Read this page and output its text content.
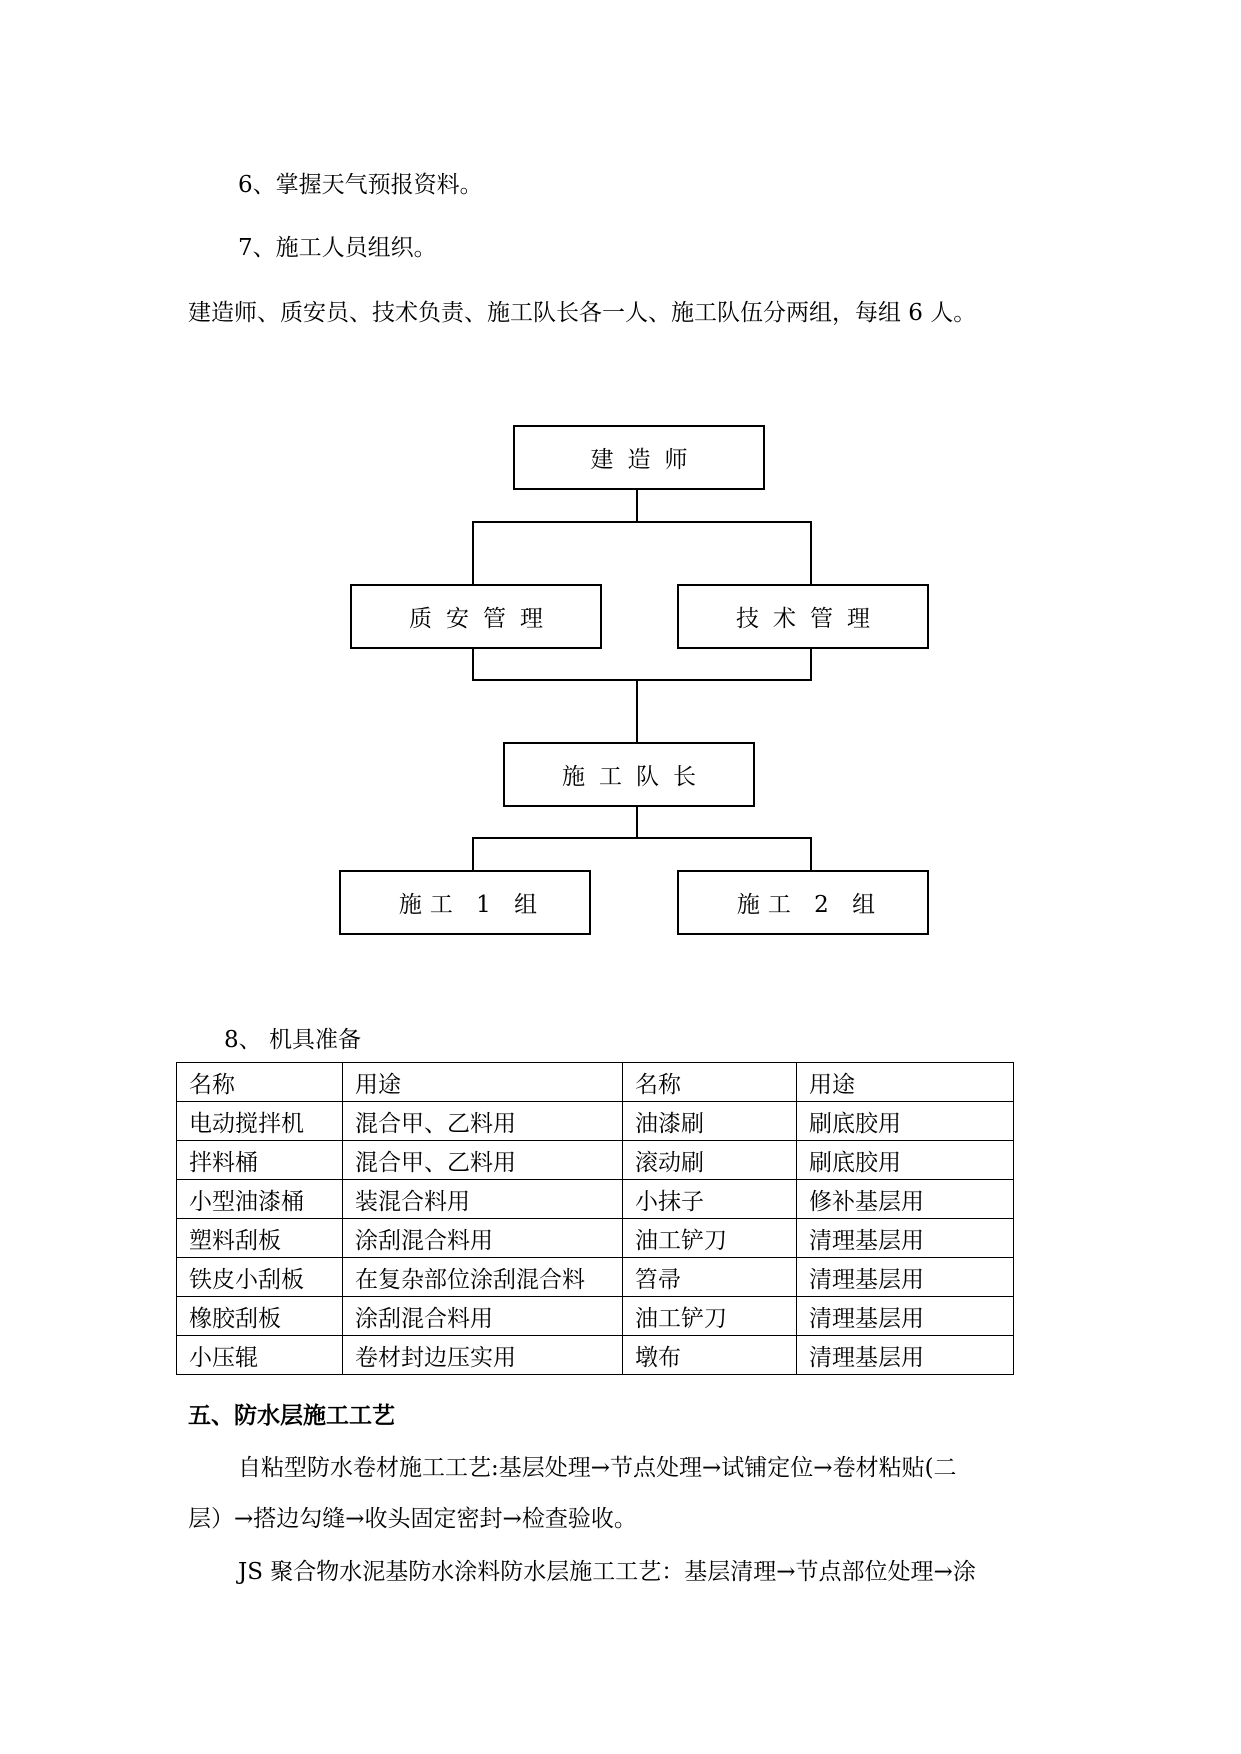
6、掌握天气预报资料。
7、施工人员组织。
建造师、质安员、技术负责、施工队长各一人、施工队伍分两组，每组 6 人。
建造师
质安管理	技术管理
施工队长
施工 1 组	施工 2 组
8、 机具准备
名称	用途	名称	用途
电动搅拌机	混合甲、乙料用	油漆刷	刷底胶用
拌料桶	混合甲、乙料用	滚动刷	刷底胶用
小型油漆桶	装混合料用	小抹子	修补基层用
塑料刮板	涂刮混合料用	油工铲刀	清理基层用
铁皮小刮板	在复杂部位涂刮混合料	笤帚	清理基层用
橡胶刮板	涂刮混合料用	油工铲刀	清理基层用
小压辊	卷材封边压实用	墩布	清理基层用
五、防水层施工工艺
自粘型防水卷材施工工艺:基层处理→节点处理→试铺定位→卷材粘贴(二
层）→搭边勾缝→收头固定密封→检查验收。
JS 聚合物水泥基防水涂料防水层施工工艺：基层清理→节点部位处理→涂
